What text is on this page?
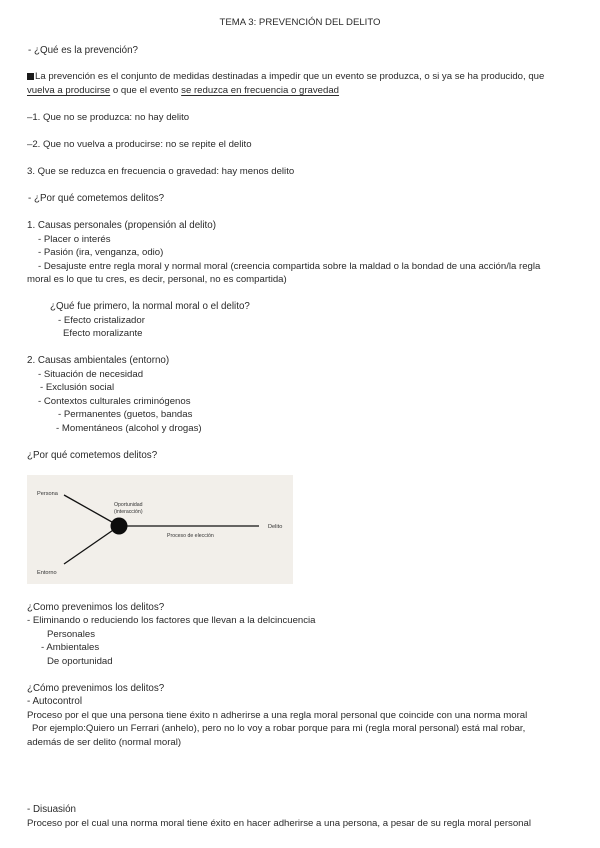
TEMA 3: PREVENCIÓN DEL DELITO
- ¿Qué es la prevención?
La prevención es el conjunto de medidas destinadas a impedir que un evento se produzca, o si ya se ha producido, que
vuelva a producirse o que el evento se reduzca en frecuencia o gravedad
–1. Que no se produzca: no hay delito
–2. Que no vuelva a producirse: no se repite el delito
3. Que se reduzca en frecuencia o gravedad: hay menos delito
- ¿Por qué cometemos delitos?
1. Causas personales (propensión al delito)
- Placer o interés
- Pasión (ira, venganza, odio)
- Desajuste entre regla moral y normal moral (creencia compartida sobre la maldad o la bondad de una acción/la regla
moral es lo que tu cres, es decir, personal, no es compartida)
¿Qué fue primero, la normal moral o el delito?
- Efecto cristalizador
Efecto moralizante
2. Causas ambientales (entorno)
- Situación de necesidad
- Exclusión social
- Contextos culturales criminógenos
- Permanentes (guetos, bandas
- Momentáneos (alcohol y drogas)
¿Por qué cometemos delitos?
Persona
Entorno
Oportunidad
(interacción)
Proceso de elección
Delito
¿Como prevenimos los delitos?
- Eliminando o reduciendo los factores que llevan a la delcincuencia
Personales
- Ambientales
De oportunidad
¿Cómo prevenimos los delitos?
- Autocontrol
Proceso por el que una persona tiene éxito n adherirse a una regla moral personal que coincide con una norma moral
Por ejemplo:Quiero un Ferrari (anhelo), pero no lo voy a robar porque para mi (regla moral personal) está mal robar,
además de ser delito (normal moral)
- Disuasión
Proceso por el cual una norma moral tiene éxito en hacer adherirse a una persona, a pesar de su regla moral personal
